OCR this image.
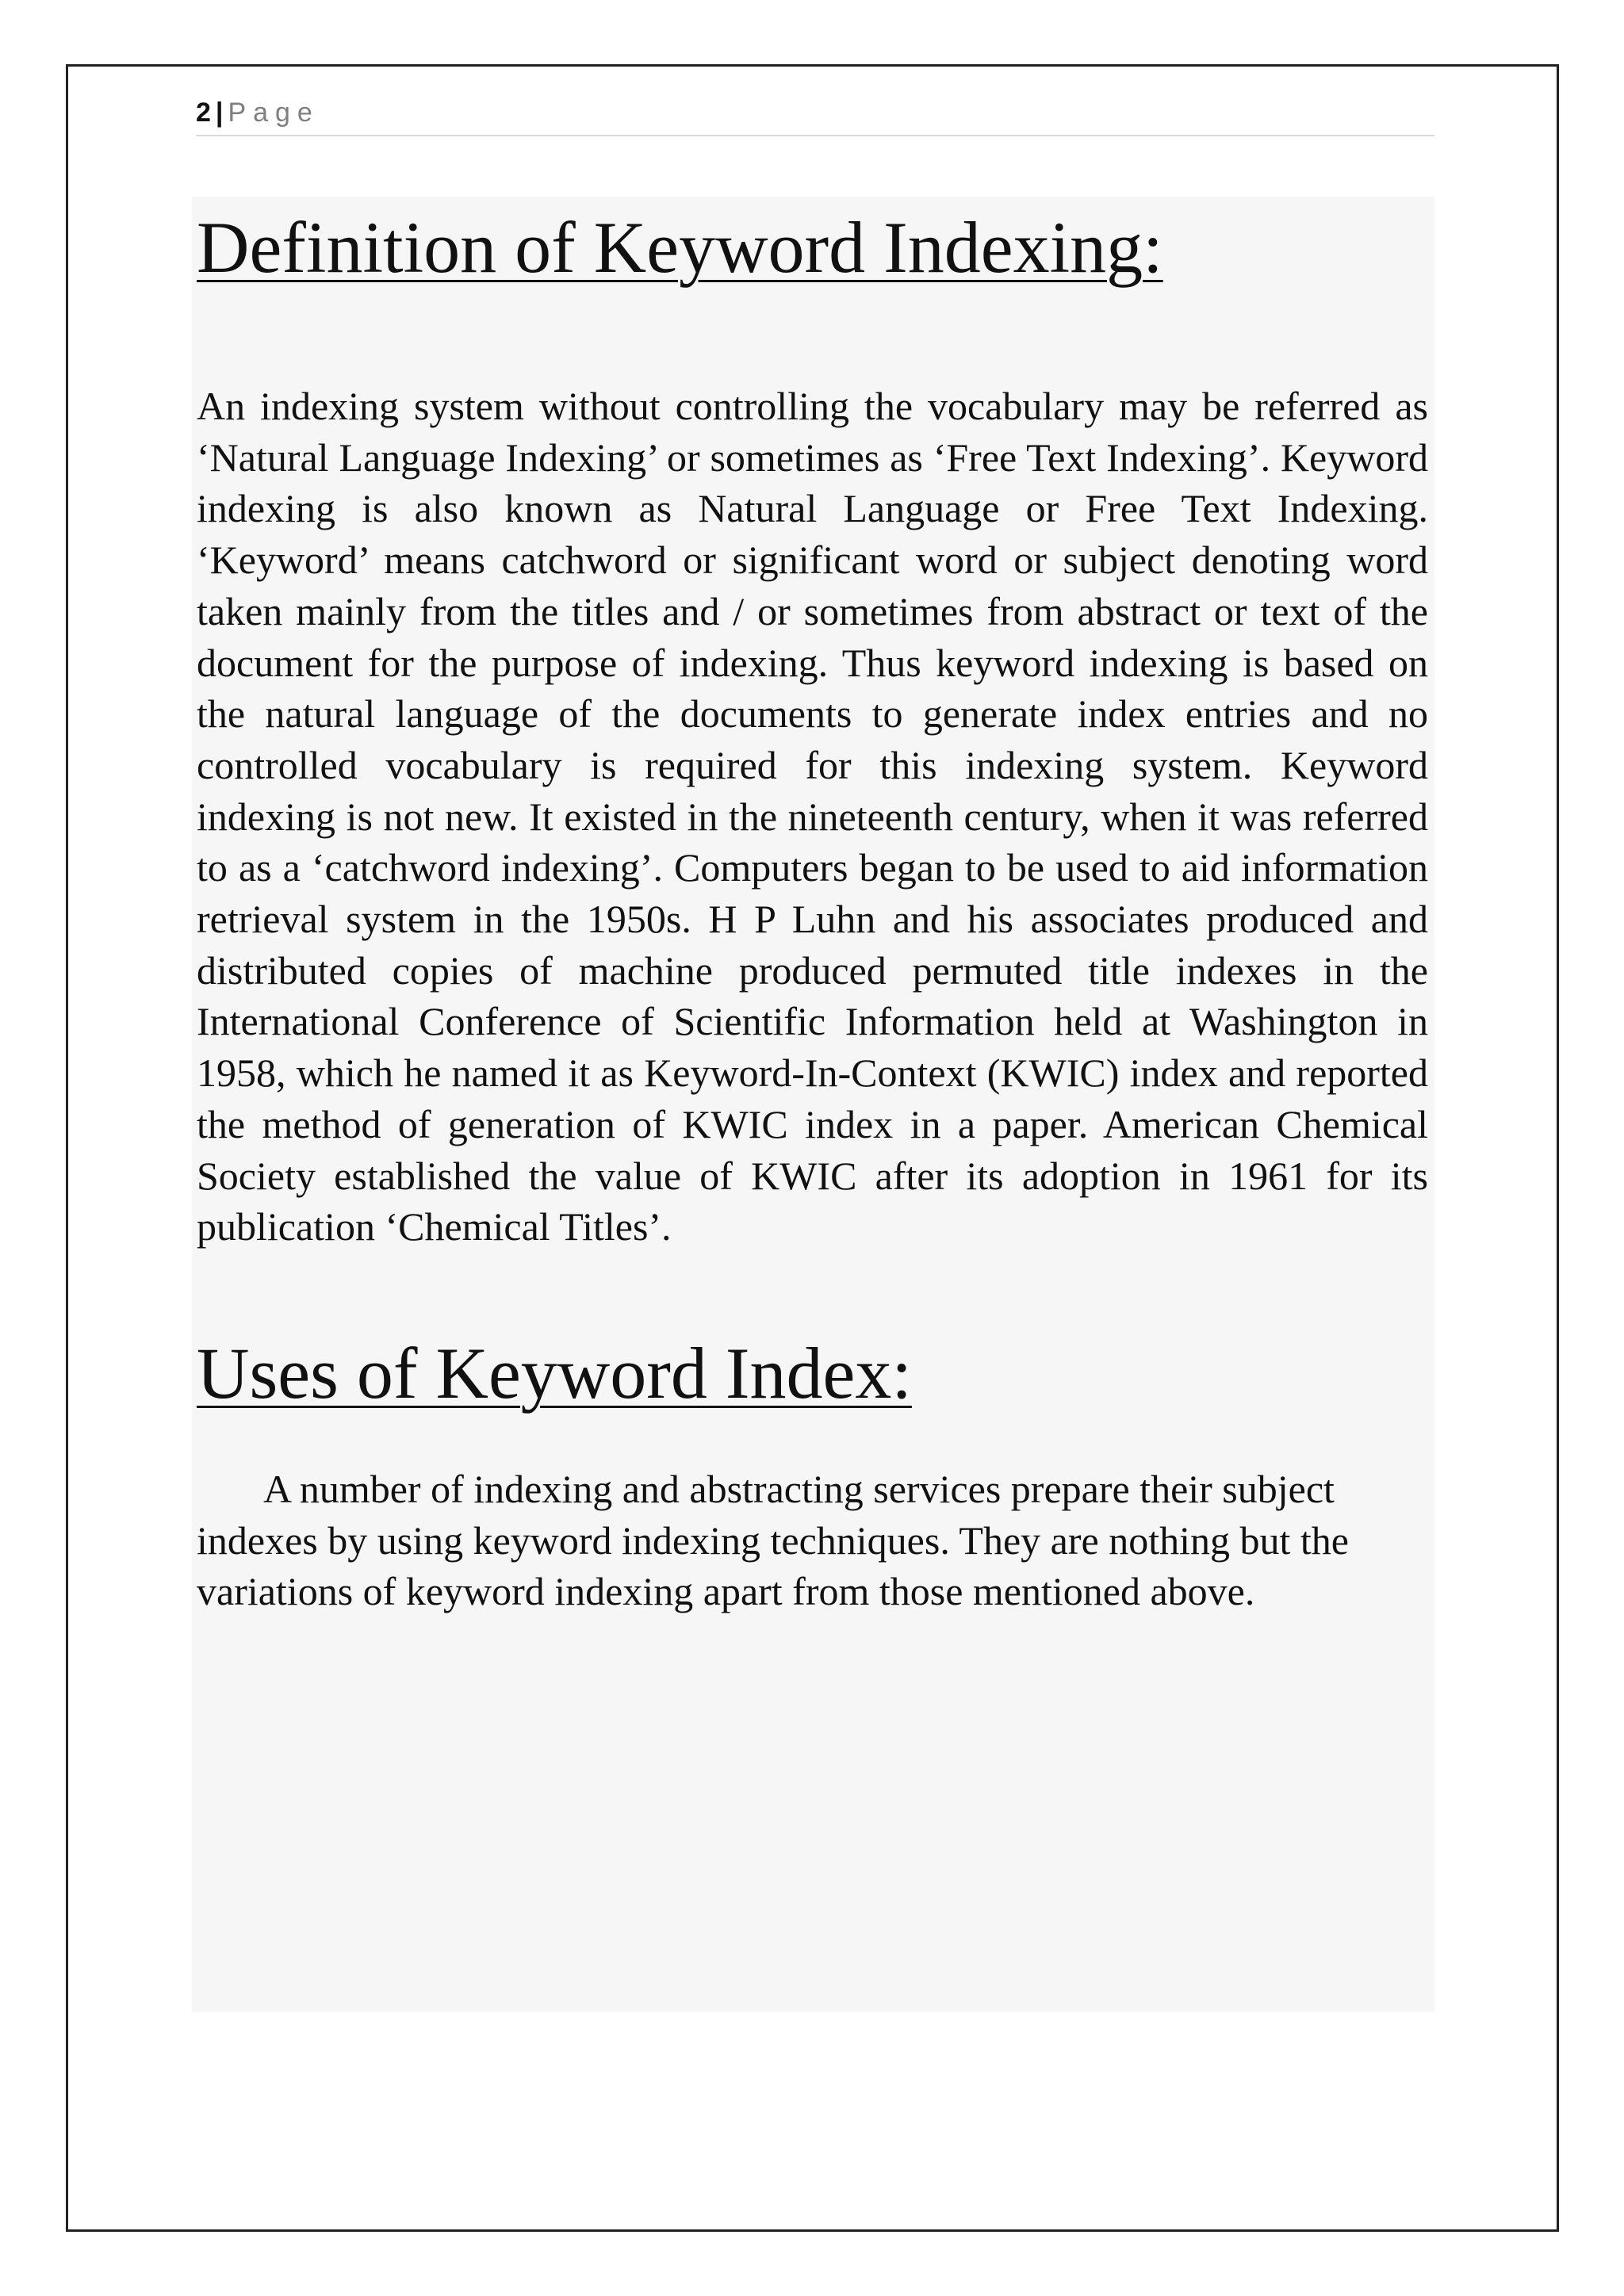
2 | Page
Definition of Keyword Indexing:

An indexing system without controlling the vocabulary may be referred as ‘Natural Language Indexing’ or sometimes as ‘Free Text Indexing’. Keyword indexing is also known as Natural Language or Free Text Indexing. ‘Keyword’ means catchword or significant word or subject denoting word taken mainly from the titles and / or sometimes from abstract or text of the document for the purpose of indexing. Thus keyword indexing is based on the natural language of the documents to generate index entries and no controlled vocabulary is required for this indexing system. Keyword indexing is not new. It existed in the nineteenth century, when it was referred to as a ‘catchword indexing’. Computers began to be used to aid information retrieval system in the 1950s. H P Luhn and his associates produced and distributed copies of machine produced permuted title indexes in the International Conference of Scientific Information held at Washington in 1958, which he named it as Keyword-In-Context (KWIC) index and reported the method of generation of KWIC index in a paper. American Chemical Society established the value of KWIC after its adoption in 1961 for its publication ‘Chemical Titles’.

Uses of Keyword Index:

A number of indexing and abstracting services prepare their subject indexes by using keyword indexing techniques. They are nothing but the variations of keyword indexing apart from those mentioned above.
